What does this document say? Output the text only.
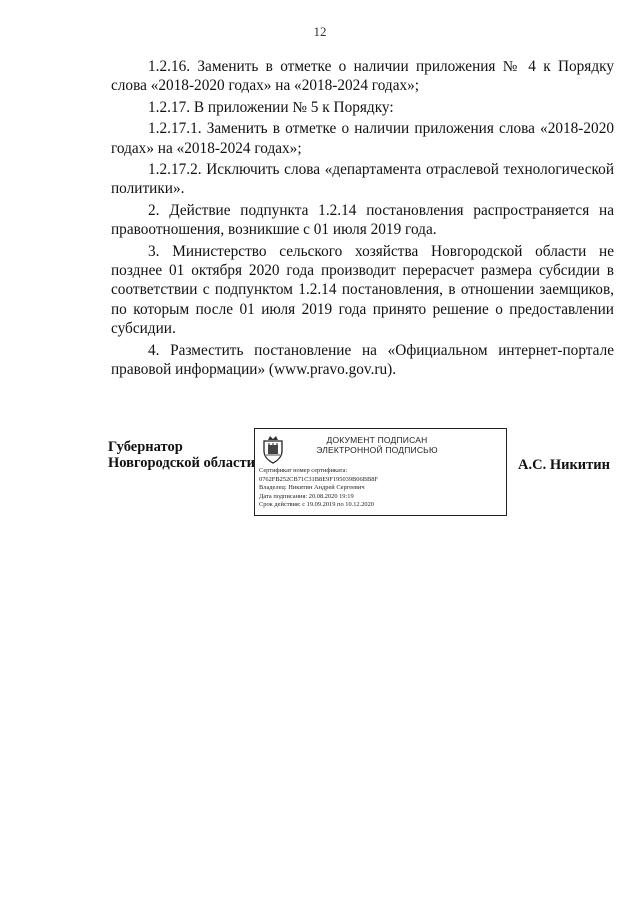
12

1.2.16. Заменить в отметке о наличии приложения № 4 к Порядку слова «2018-2020 годах» на «2018-2024 годах»;

1.2.17. В приложении № 5 к Порядку:

1.2.17.1. Заменить в отметке о наличии приложения слова «2018-2020 годах» на «2018-2024 годах»;

1.2.17.2. Исключить слова «департамента отраслевой технологической политики».

2. Действие подпункта 1.2.14 постановления распространяется на правоотношения, возникшие с 01 июля 2019 года.

3. Министерство сельского хозяйства Новгородской области не позднее 01 октября 2020 года производит перерасчет размера субсидии в соответствии с подпунктом 1.2.14 постановления, в отношении заемщиков, по которым после 01 июля 2019 года принято решение о предоставлении субсидии.

4. Разместить постановление на «Официальном интернет-портале правовой информации» (www.pravo.gov.ru).

Губернатор
Новгородской области
ДОКУМЕНТ ПОДПИСАН
ЭЛЕКТРОННОЙ ПОДПИСЬЮ
Сертификат номер сертификата:
0762FB252CB71C31B8E9F195039B06BB8F
Владелец: Никитин Андрей Сергеевич
Дата подписания: 20.08.2020 19:19
Срок действия: с 19.09.2019 по 10.12.2020
А.С. Никитин
